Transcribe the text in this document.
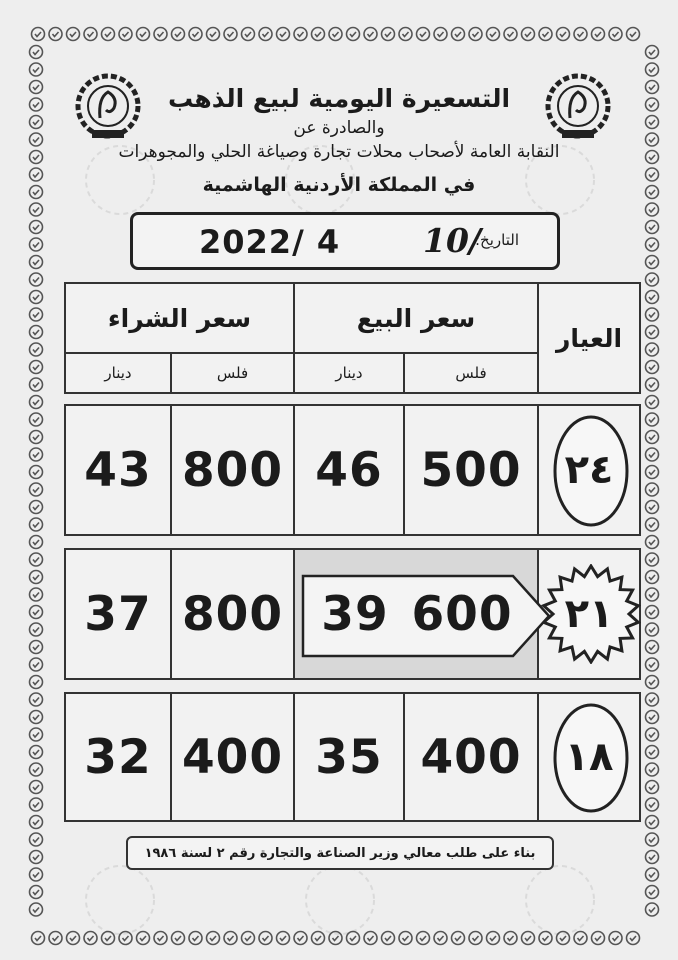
التسعيرة اليومية لبيع الذهب
والصادرة عن
النقابة العامة لأصحاب محلات تجارة وصياغة الحلي والمجوهرات
في المملكة الأردنية الهاشمية
التاريخ:
10/
2022/ 4
العيار
سعر البيع
سعر الشراء
فلس
دينار
فلس
دينار
٢٤
500
46
800
43
٢١
600
39
800
37
١٨
400
35
400
32
بناء على طلب معالي وزير الصناعة والتجارة رقم ٢ لسنة ١٩٨٦
